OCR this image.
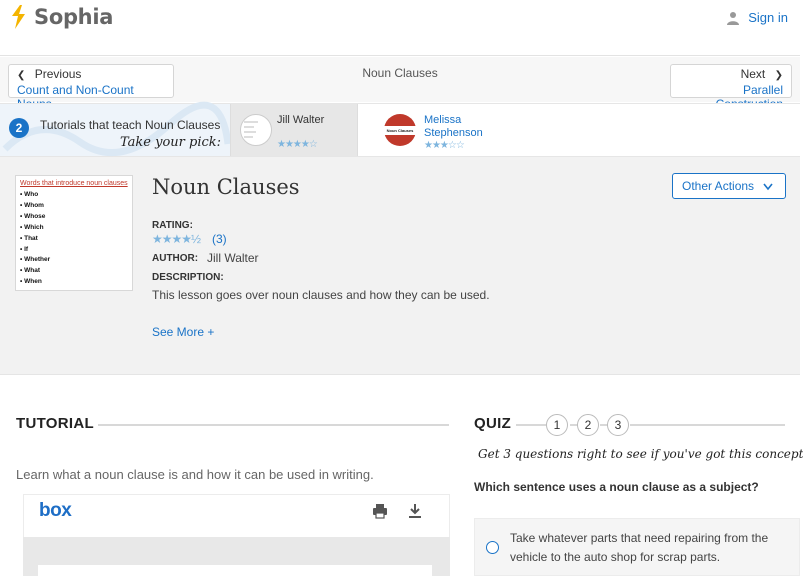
Sophia	Sign in
❮ Previous
Count and Non-Count
Noun Clauses	Next ❯
Parallel
2	Tutorials that teach Noun Clauses
Take your pick:
Jill Walter
★★★★☆
Noun Clauses
Melissa
Stephenson
★★★☆☆
Words that introduce noun clauses
• Who
• Whom
• Whose
• Which
• That
• If
• Whether
• What
• When
Noun Clauses	Other Actions
RATING:
★★★★½ (3)
AUTHOR: Jill Walter
DESCRIPTION:
This lesson goes over noun clauses and how they can be used.
See More +
TUTORIAL
Learn what a noun clause is and how it can be used in writing.
box
QUIZ	1	2	3
Get 3 questions right to see if you've got this concept
Which sentence uses a noun clause as a subject?
Take whatever parts that need repairing from the vehicle to the auto shop for scrap parts.
